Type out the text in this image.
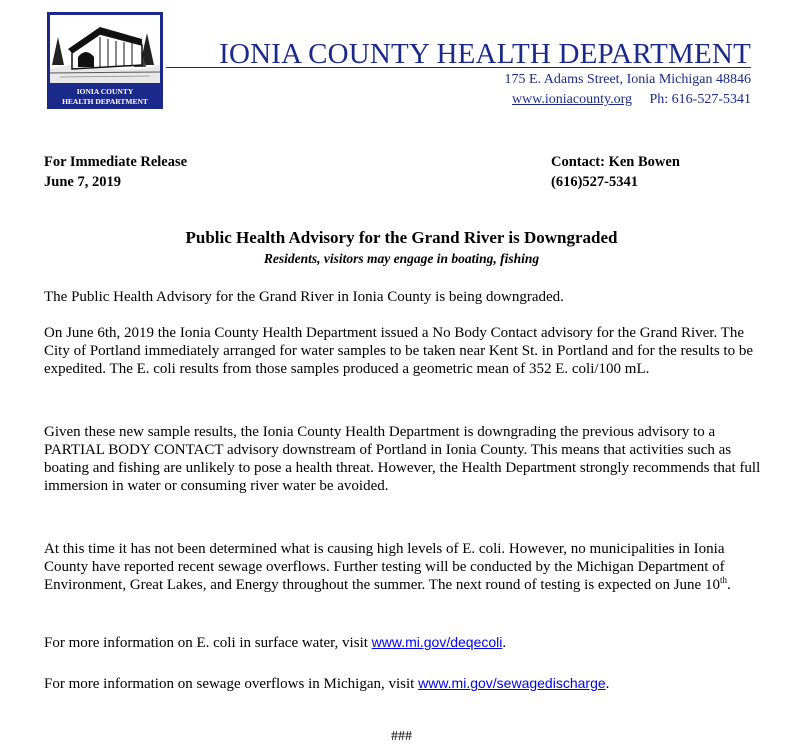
IONIA COUNTY
HEALTH DEPARTMENT
IONIA COUNTY HEALTH DEPARTMENT
175 E. Adams Street, Ionia Michigan 48846
www.ioniacounty.org Ph: 616-527-5341
For Immediate Release
June 7, 2019
Contact: Ken Bowen
(616)527-5341
Public Health Advisory for the Grand River is Downgraded
Residents, visitors may engage in boating, fishing

The Public Health Advisory for the Grand River in Ionia County is being downgraded.

On June 6th, 2019 the Ionia County Health Department issued a No Body Contact advisory for the Grand River. The City of Portland immediately arranged for water samples to be taken near Kent St. in Portland and for the results to be expedited. The E. coli results from those samples produced a geometric mean of 352 E. coli/100 mL.

Given these new sample results, the Ionia County Health Department is downgrading the previous advisory to a PARTIAL BODY CONTACT advisory downstream of Portland in Ionia County. This means that activities such as boating and fishing are unlikely to pose a health threat. However, the Health Department strongly recommends that full immersion in water or consuming river water be avoided.

At this time it has not been determined what is causing high levels of E. coli. However, no municipalities in Ionia County have reported recent sewage overflows. Further testing will be conducted by the Michigan Department of Environment, Great Lakes, and Energy throughout the summer. The next round of testing is expected on June 10th.

For more information on E. coli in surface water, visit www.mi.gov/deqecoli.

For more information on sewage overflows in Michigan, visit www.mi.gov/sewagedischarge.

###
